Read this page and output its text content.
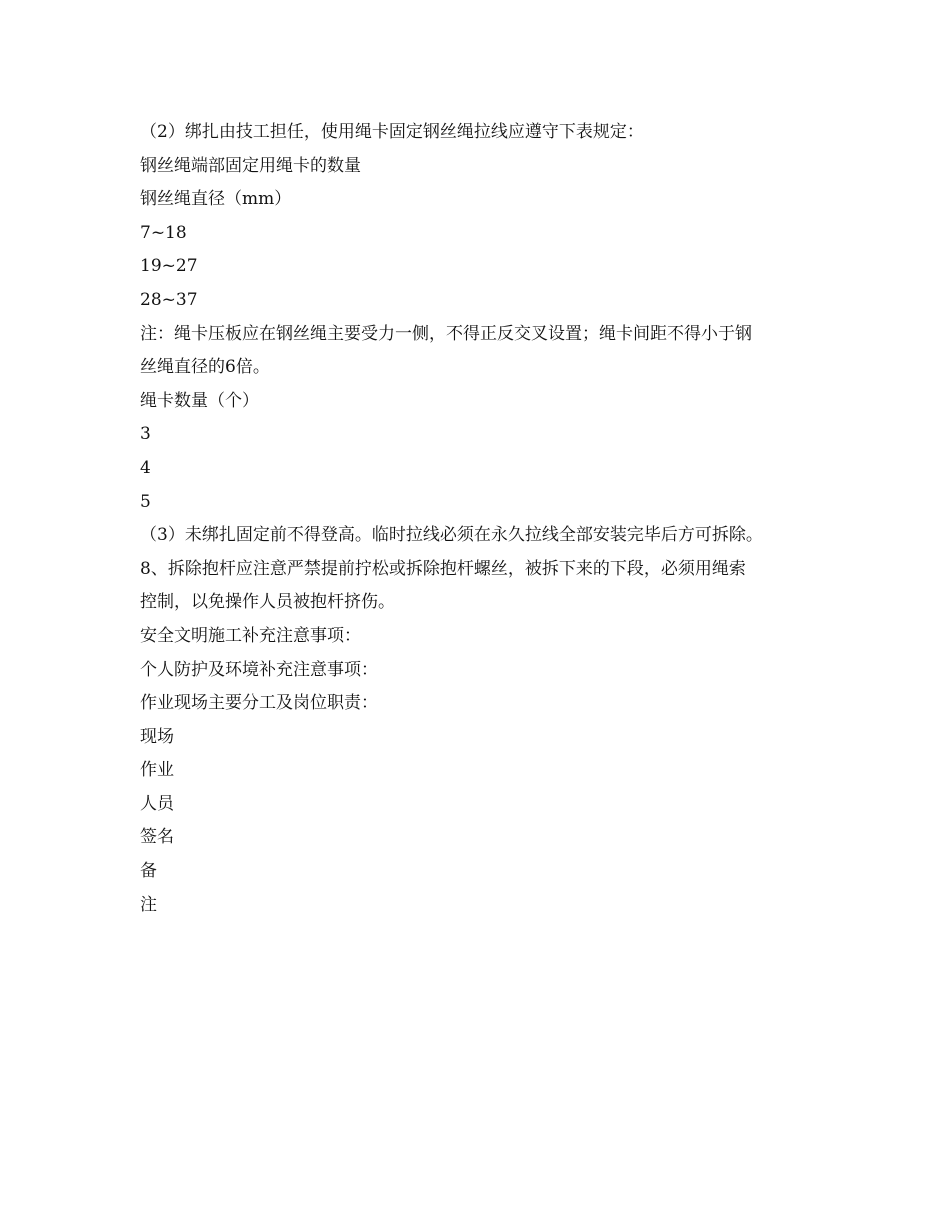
（2）绑扎由技工担任，使用绳卡固定钢丝绳拉线应遵守下表规定：
钢丝绳端部固定用绳卡的数量
钢丝绳直径（mm）
7~18
19~27
28~37
注：绳卡压板应在钢丝绳主要受力一侧，不得正反交叉设置；绳卡间距不得小于钢
丝绳直径的6倍。
绳卡数量（个）
3
4
5
（3）未绑扎固定前不得登高。临时拉线必须在永久拉线全部安装完毕后方可拆除。
8、拆除抱杆应注意严禁提前拧松或拆除抱杆螺丝，被拆下来的下段，必须用绳索
控制，以免操作人员被抱杆挤伤。
安全文明施工补充注意事项：
个人防护及环境补充注意事项：
作业现场主要分工及岗位职责：
现场
作业
人员
签名
备
注
